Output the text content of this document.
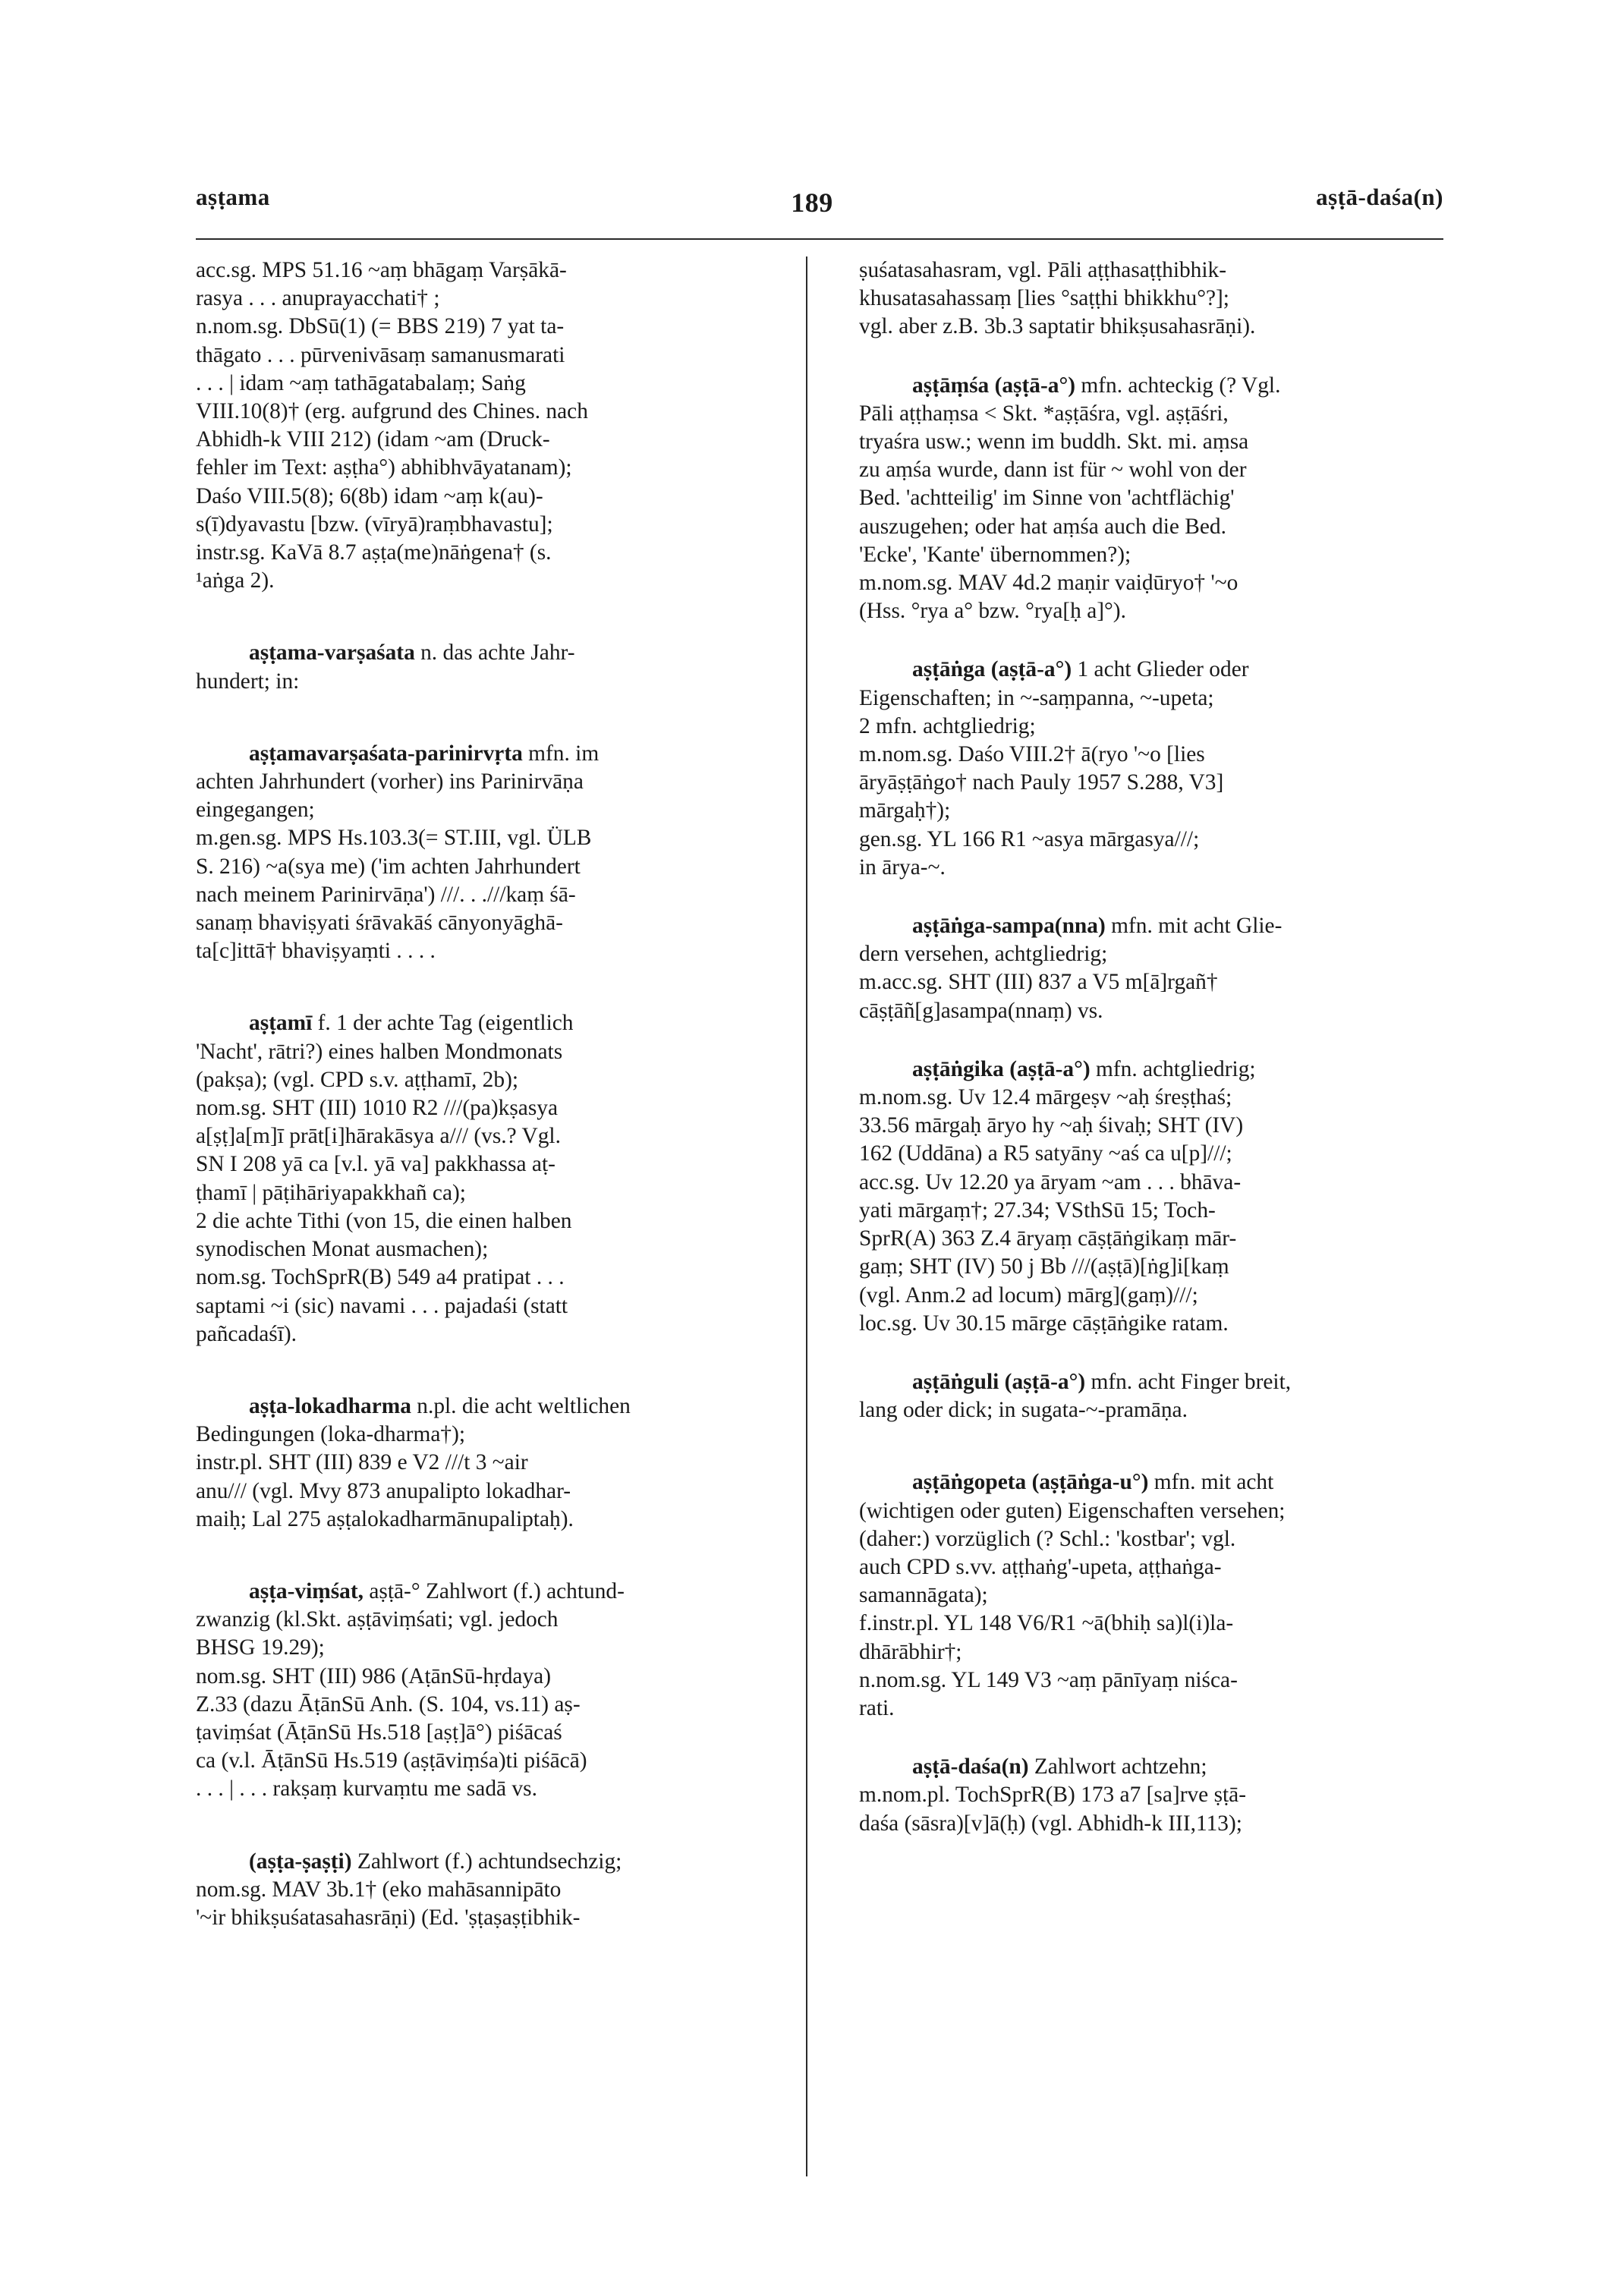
aṣṭama	189	aṣṭā-daśa(n)
acc.sg. MPS 51.16 ~aṃ bhāgaṃ Varṣākā-
rasya . . . anuprayacchati† ;
n.nom.sg. DbSū(1) (= BBS 219) 7 yat ta-
thāgato . . . pūrvenivāsaṃ samanusmarati
. . . | idam ~aṃ tathāgatabalaṃ; Saṅg
VIII.10(8)† (erg. aufgrund des Chines. nach
Abhidh-k VIII 212) (idam ~am (Druck-
fehler im Text: aṣṭha°) abhibhvāyatanam);
Daśo VIII.5(8); 6(8b) idam ~aṃ k(au)-
s(ī)dyavastu [bzw. (vīryā)raṃbhavastu];
instr.sg. KaVā 8.7 aṣṭa(me)nāṅgena† (s.
¹aṅga 2).
aṣṭama-varṣaśata n. das achte Jahr-
hundert; in:
aṣṭamavarṣaśata-parinirvṛta mfn. im
achten Jahrhundert (vorher) ins Parinirvāṇa
eingegangen;
m.gen.sg. MPS Hs.103.3(= ST.III, vgl. ÜLB
S. 216) ~a(sya me) ('im achten Jahrhundert
nach meinem Parinirvāṇa') ///. . .///kaṃ śā-
sanaṃ bhaviṣyati śrāvakāś cānyonyāghā-
ta[c]ittā† bhaviṣyaṃti . . . .
aṣṭamī f. 1 der achte Tag (eigentlich
'Nacht', rātri?) eines halben Mondmonats
(pakṣa); (vgl. CPD s.v. aṭṭhamī, 2b);
nom.sg. SHT (III) 1010 R2 ///(pa)kṣasya
a[ṣṭ]a[m]ī prāt[i]hārakāsya a/// (vs.? Vgl.
SN I 208 yā ca [v.l. yā va] pakkhassa aṭ-
ṭhamī | pāṭihāriyapakkhañ ca);
2 die achte Tithi (von 15, die einen halben
synodischen Monat ausmachen);
nom.sg. TochSprR(B) 549 a4 pratipat . . .
saptami ~i (sic) navami . . . pajadaśi (statt
pañcadaśī).
aṣṭa-lokadharma n.pl. die acht weltlichen
Bedingungen (loka-dharma†);
instr.pl. SHT (III) 839 e V2 ///t 3 ~air
anu/// (vgl. Mvy 873 anupalipto lokadhar-
maiḥ; Lal 275 aṣṭalokadharmānupaliptaḥ).
aṣṭa-viṃśat, aṣṭā-° Zahlwort (f.) achtund-
zwanzig (kl.Skt. aṣṭāviṃśati; vgl. jedoch
BHSG 19.29);
nom.sg. SHT (III) 986 (AṭānSū-hṛdaya)
Z.33 (dazu ĀṭānSū Anh. (S. 104, vs.11) aṣ-
ṭaviṃśat (ĀṭānSū Hs.518 [aṣṭ]ā°) piśācaś
ca (v.l. ĀṭānSū Hs.519 (aṣṭāviṃśa)ti piśācā)
. . . | . . . rakṣaṃ kurvaṃtu me sadā vs.
(aṣṭa-ṣaṣṭi) Zahlwort (f.) achtundsechzig;
nom.sg. MAV 3b.1† (eko mahāsannipāto
'~ir bhikṣuśatasahasrāṇi) (Ed. 'ṣṭaṣaṣṭibhik-
ṣuśatasahasram, vgl. Pāli aṭṭhasaṭṭhibhik-
khusatasahassaṃ [lies °saṭṭhi bhikkhu°?];
vgl. aber z.B. 3b.3 saptatir bhikṣusahasrāṇi).
aṣṭāṃśa (aṣṭā-a°) mfn. achteckig (? Vgl.
Pāli aṭṭhaṃsa < Skt. *aṣṭāśra, vgl. aṣṭāśri,
tryaśra usw.; wenn im buddh. Skt. mi. aṃsa
zu aṃśa wurde, dann ist für ~ wohl von der
Bed. 'achtteilig' im Sinne von 'achtflächig'
auszugehen; oder hat aṃśa auch die Bed.
'Ecke', 'Kante' übernommen?);
m.nom.sg. MAV 4d.2 maṇir vaiḍūryo† '~o
(Hss. °rya a° bzw. °rya[ḥ a]°).
aṣṭāṅga (aṣṭā-a°) 1 acht Glieder oder
Eigenschaften; in ~-saṃpanna, ~-upeta;
2 mfn. achtgliedrig;
m.nom.sg. Daśo VIII.2† ā(ryo '~o [lies
āryāṣṭāṅgo† nach Pauly 1957 S.288, V3]
mārgaḥ†);
gen.sg. YL 166 R1 ~asya mārgasya///;
in ārya-~.
aṣṭāṅga-sampa(nna) mfn. mit acht Glie-
dern versehen, achtgliedrig;
m.acc.sg. SHT (III) 837 a V5 m[ā]rgañ†
cāṣṭāñ[g]asampa(nnaṃ) vs.
aṣṭāṅgika (aṣṭā-a°) mfn. achtgliedrig;
m.nom.sg. Uv 12.4 mārgeṣv ~aḥ śreṣṭhaś;
33.56 mārgaḥ āryo hy ~aḥ śivaḥ; SHT (IV)
162 (Uddāna) a R5 satyāny ~aś ca u[p]///;
acc.sg. Uv 12.20 ya āryam ~am . . . bhāva-
yati mārgaṃ†; 27.34; VSthSū 15; Toch-
SprR(A) 363 Z.4 āryaṃ cāṣṭāṅgikaṃ mār-
gaṃ; SHT (IV) 50 j Bb ///(aṣṭā)[ṅg]i[kaṃ
(vgl. Anm.2 ad locum) mārg](gaṃ)///;
loc.sg. Uv 30.15 mārge cāṣṭāṅgike ratam.
aṣṭāṅguli (aṣṭā-a°) mfn. acht Finger breit,
lang oder dick; in sugata-~-pramāṇa.
aṣṭāṅgopeta (aṣṭāṅga-u°) mfn. mit acht
(wichtigen oder guten) Eigenschaften versehen;
(daher:) vorzüglich (? Schl.: 'kostbar'; vgl.
auch CPD s.vv. aṭṭhaṅg'-upeta, aṭṭhaṅga-
samannāgata);
f.instr.pl. YL 148 V6/R1 ~ā(bhiḥ sa)l(i)la-
dhārābhir†;
n.nom.sg. YL 149 V3 ~aṃ pānīyaṃ niśca-
rati.
aṣṭā-daśa(n) Zahlwort achtzehn;
m.nom.pl. TochSprR(B) 173 a7 [sa]rve ṣṭā-
daśa (sāsra)[v]ā(ḥ) (vgl. Abhidh-k III,113);
